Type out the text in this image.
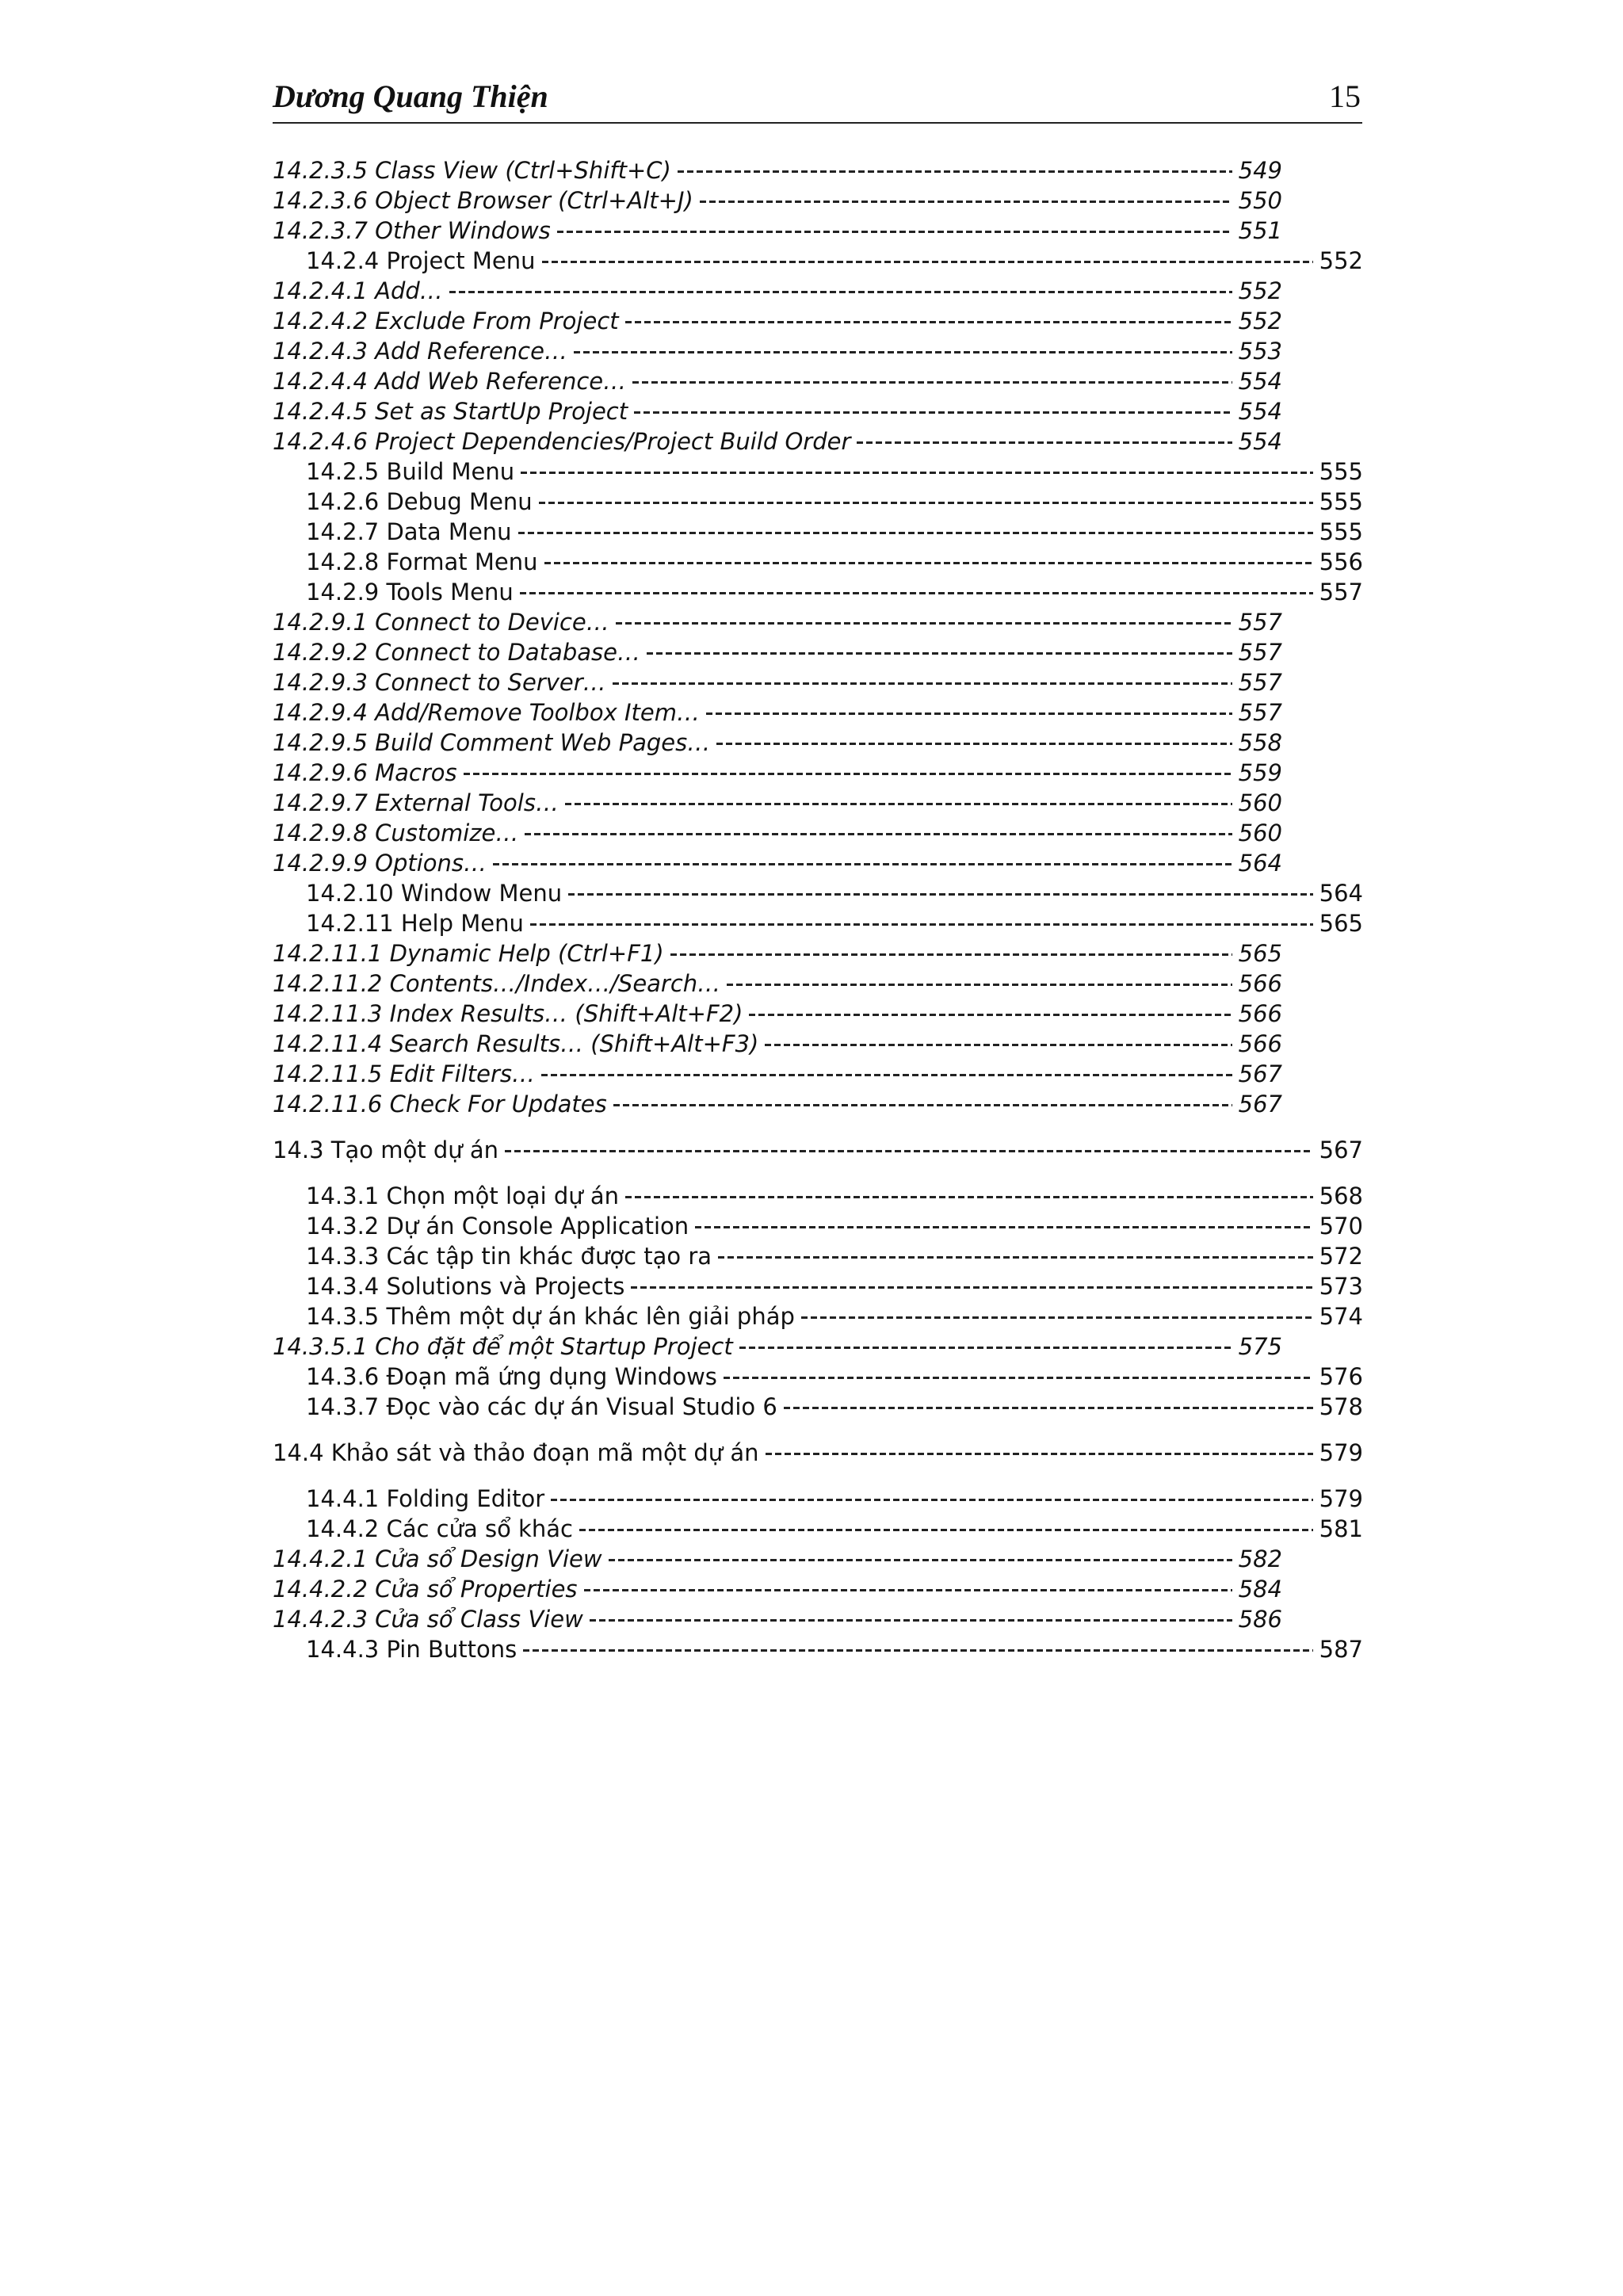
Dương Quang Thiện	15
14.2.3.5 Class View (Ctrl+Shift+C)	549
14.2.3.6 Object Browser (Ctrl+Alt+J)	550
14.2.3.7 Other Windows	551
14.2.4 Project Menu	552
14.2.4.1 Add…	552
14.2.4.2 Exclude From Project	552
14.2.4.3 Add Reference…	553
14.2.4.4 Add Web Reference…	554
14.2.4.5 Set as StartUp Project	554
14.2.4.6 Project Dependencies/Project Build Order	554
14.2.5 Build Menu	555
14.2.6 Debug Menu	555
14.2.7 Data Menu	555
14.2.8 Format Menu	556
14.2.9 Tools Menu	557
14.2.9.1 Connect to Device…	557
14.2.9.2 Connect to Database…	557
14.2.9.3 Connect to Server…	557
14.2.9.4 Add/Remove Toolbox Item…	557
14.2.9.5 Build Comment Web Pages…	558
14.2.9.6 Macros	559
14.2.9.7 External Tools…	560
14.2.9.8 Customize…	560
14.2.9.9 Options…	564
14.2.10 Window Menu	564
14.2.11 Help Menu	565
14.2.11.1 Dynamic Help (Ctrl+F1)	565
14.2.11.2 Contents…/Index…/Search…	566
14.2.11.3 Index Results… (Shift+Alt+F2)	566
14.2.11.4 Search Results… (Shift+Alt+F3)	566
14.2.11.5 Edit Filters…	567
14.2.11.6 Check For Updates	567
14.3 Tạo một dự án	567
14.3.1 Chọn một loại dự án	568
14.3.2 Dự án Console Application	570
14.3.3 Các tập tin khác được tạo ra	572
14.3.4 Solutions và Projects	573
14.3.5 Thêm một dự án khác lên giải pháp	574
14.3.5.1 Cho đặt để một Startup Project	575
14.3.6 Đoạn mã ứng dụng Windows	576
14.3.7 Đọc vào các dự án Visual Studio 6	578
14.4 Khảo sát và thảo đoạn mã một dự án	579
14.4.1 Folding Editor	579
14.4.2 Các cửa sổ khác	581
14.4.2.1 Cửa sổ Design View	582
14.4.2.2 Cửa sổ Properties	584
14.4.2.3 Cửa sổ Class View	586
14.4.3 Pin Buttons	587
